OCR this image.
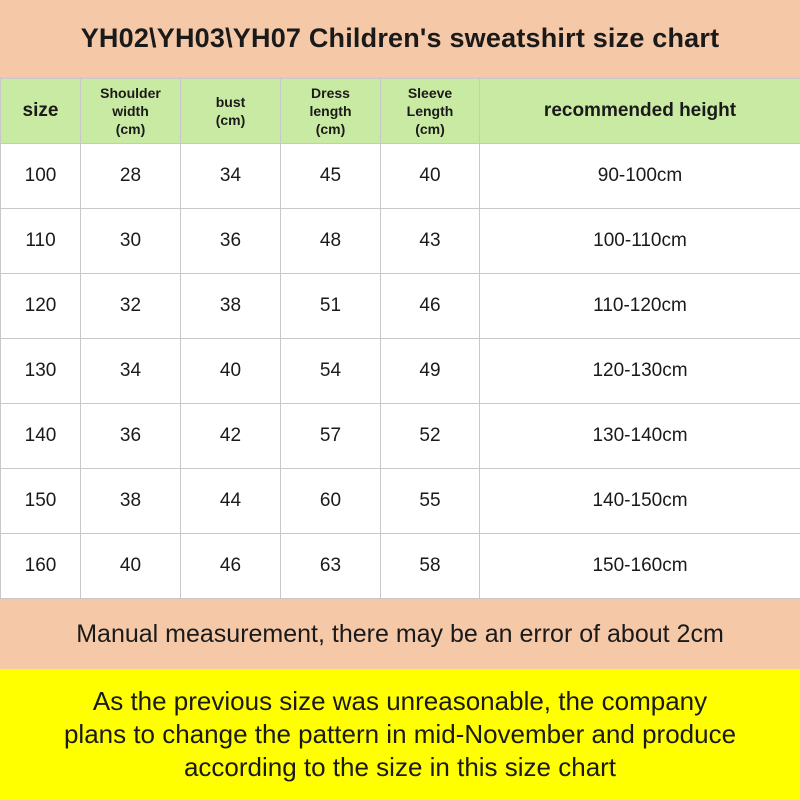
YH02\YH03\YH07 Children's sweatshirt size chart
size	Shoulder
width
(cm)	bust
(cm)	Dress
length
(cm)	Sleeve
Length
(cm)	recommended height
100	28	34	45	40	90-100cm
110	30	36	48	43	100-110cm
120	32	38	51	46	110-120cm
130	34	40	54	49	120-130cm
140	36	42	57	52	130-140cm
150	38	44	60	55	140-150cm
160	40	46	63	58	150-160cm
Manual measurement, there may be an error of about 2cm
As the previous size was unreasonable, the company
plans to change the pattern in mid-November and produce
according to the size in this size chart
